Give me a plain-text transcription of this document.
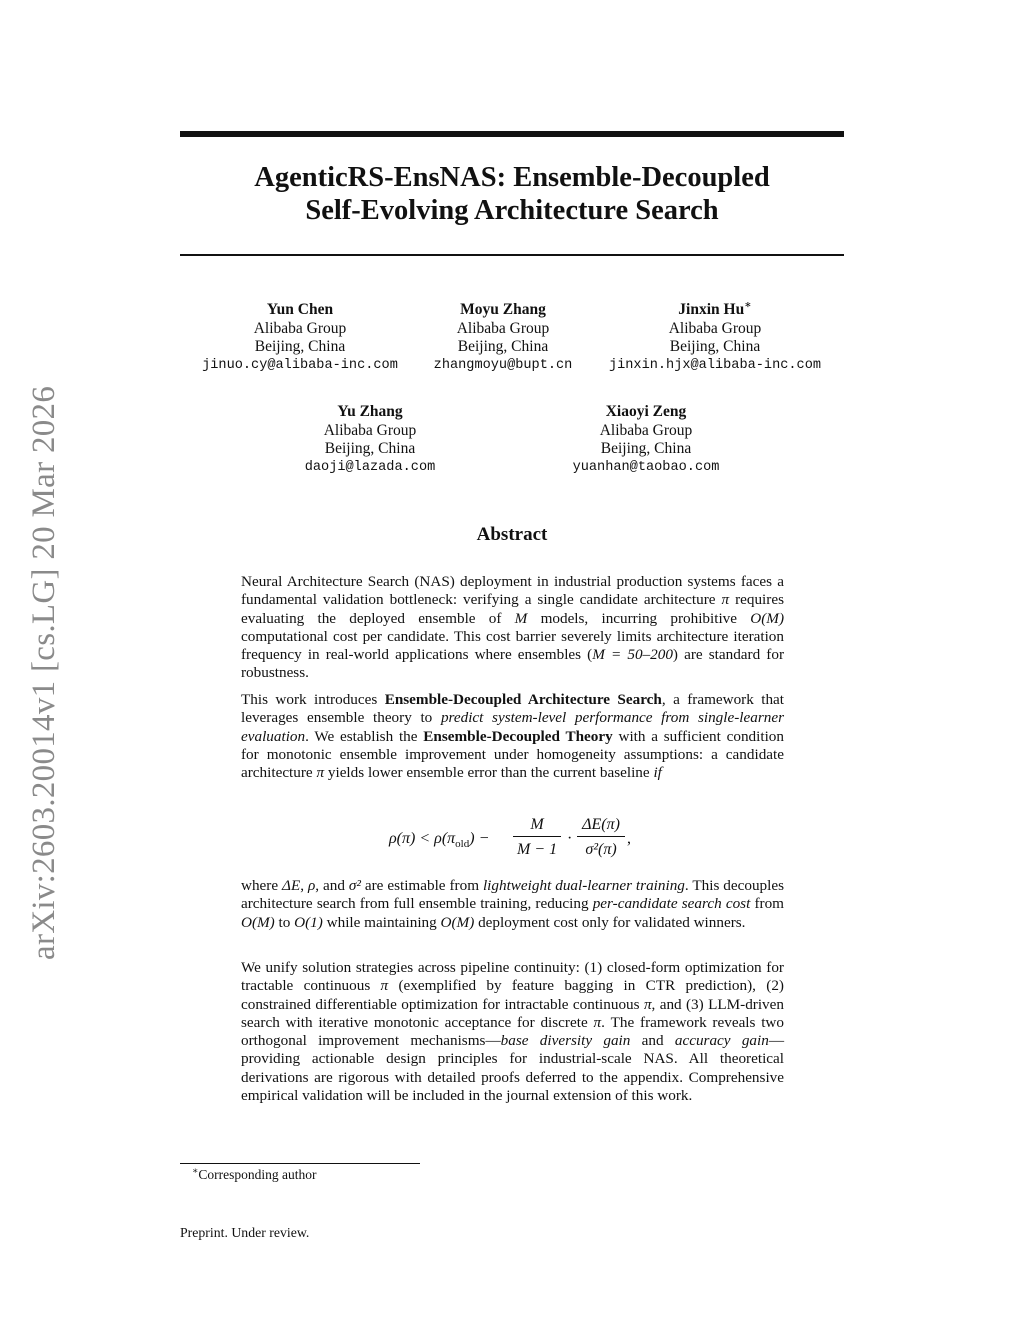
arXiv:2603.20014v1 [cs.LG] 20 Mar 2026
AgenticRS-EnsNAS: Ensemble-Decoupled
Self-Evolving Architecture Search
Yun Chen
Alibaba Group
Beijing, China
jinuo.cy@alibaba-inc.com
Moyu Zhang
Alibaba Group
Beijing, China
zhangmoyu@bupt.cn
Jinxin Hu∗
Alibaba Group
Beijing, China
jinxin.hjx@alibaba-inc.com
Yu Zhang
Alibaba Group
Beijing, China
daoji@lazada.com
Xiaoyi Zeng
Alibaba Group
Beijing, China
yuanhan@taobao.com
Abstract
Neural Architecture Search (NAS) deployment in industrial production systems faces a fundamental validation bottleneck: verifying a single candidate architecture π requires evaluating the deployed ensemble of M models, incurring prohibitive O(M) computational cost per candidate. This cost barrier severely limits architecture iteration frequency in real-world applications where ensembles (M = 50–200) are standard for robustness.
This work introduces Ensemble-Decoupled Architecture Search, a framework that leverages ensemble theory to predict system-level performance from single-learner evaluation. We establish the Ensemble-Decoupled Theory with a sufficient condition for monotonic ensemble improvement under homogeneity assumptions: a candidate architecture π yields lower ensemble error than the current baseline if
$\rho(\pi) < \rho(\pi_{old})$ −
M
M − 1
·
ΔE(π)
σ²(π)
,
where ΔE, ρ, and σ² are estimable from lightweight dual-learner training. This decouples architecture search from full ensemble training, reducing per-candidate search cost from O(M) to O(1) while maintaining O(M) deployment cost only for validated winners.
We unify solution strategies across pipeline continuity: (1) closed-form optimization for tractable continuous π (exemplified by feature bagging in CTR prediction), (2) constrained differentiable optimization for intractable continuous π, and (3) LLM-driven search with iterative monotonic acceptance for discrete π. The framework reveals two orthogonal improvement mechanisms—base diversity gain and accuracy gain—providing actionable design principles for industrial-scale NAS. All theoretical derivations are rigorous with detailed proofs deferred to the appendix. Comprehensive empirical validation will be included in the journal extension of this work.
∗Corresponding author
Preprint. Under review.
